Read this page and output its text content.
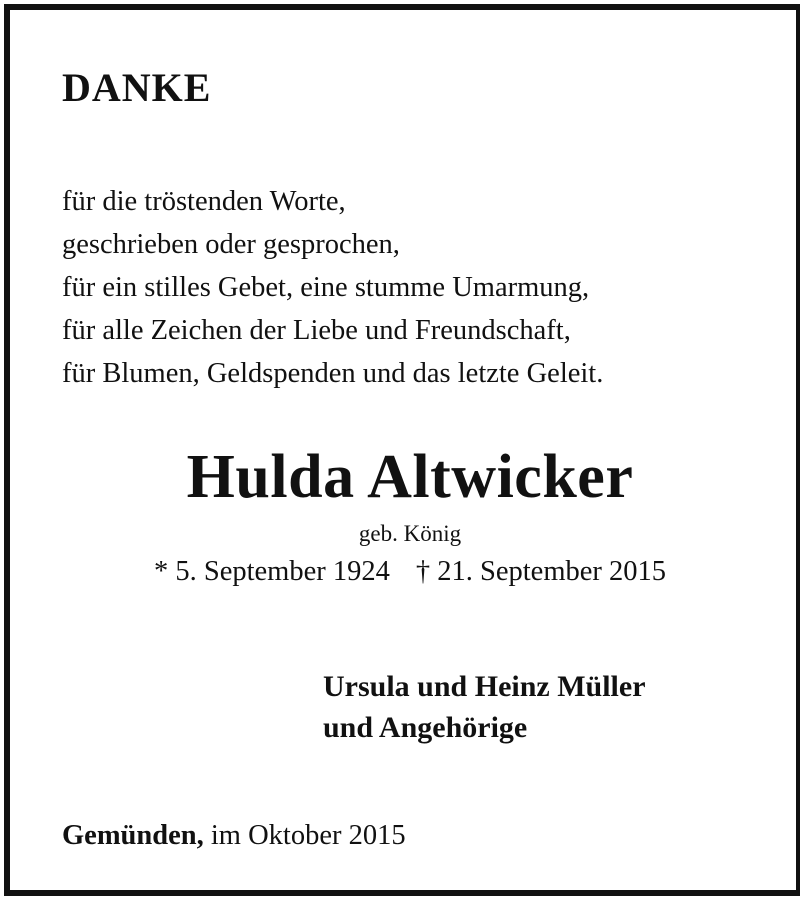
DANKE
für die tröstenden Worte,
geschrieben oder gesprochen,
für ein stilles Gebet, eine stumme Umarmung,
für alle Zeichen der Liebe und Freundschaft,
für Blumen, Geldspenden und das letzte Geleit.
Hulda Altwicker
geb. König
* 5. September 1924 † 21. September 2015
Ursula und Heinz Müller
und Angehörige
Gemünden, im Oktober 2015
